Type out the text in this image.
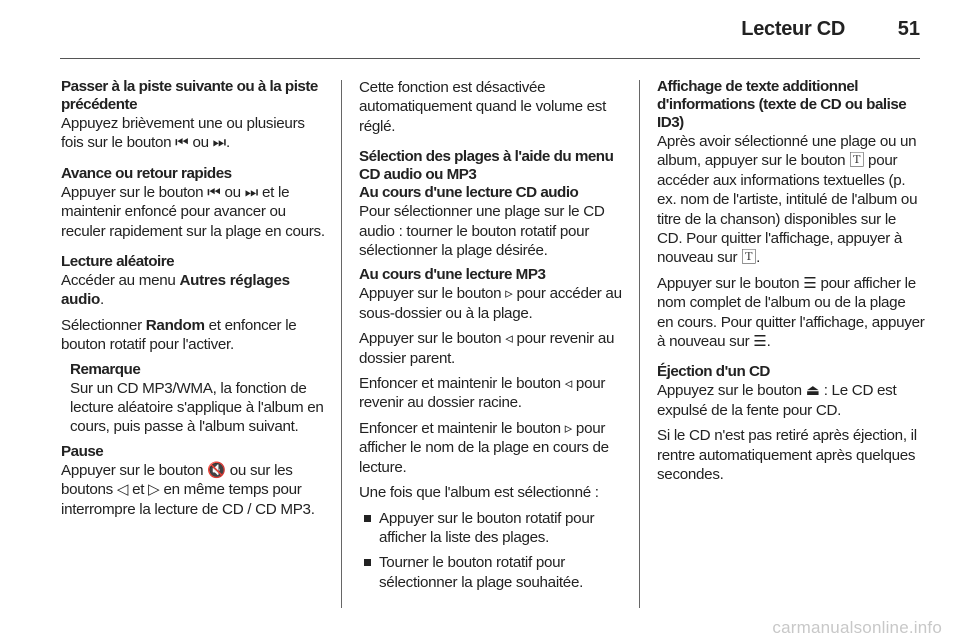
Lecteur CD	51
Passer à la piste suivante ou à la piste précédente

Appuyez brièvement une ou plusieurs fois sur le bouton ⏮ ou ⏭.

Avance ou retour rapides

Appuyer sur le bouton ⏮ ou ⏭ et le maintenir enfoncé pour avancer ou reculer rapidement sur la plage en cours.

Lecture aléatoire

Accéder au menu Autres réglages audio.

Sélectionner Random et enfoncer le bouton rotatif pour l'activer.

Remarque

Sur un CD MP3/WMA, la fonction de lecture aléatoire s'applique à l'album en cours, puis passe à l'album suivant.

Pause

Appuyer sur le bouton 🔇 ou sur les boutons ◁ et ▷ en même temps pour interrompre la lecture de CD / CD MP3.

Cette fonction est désactivée automatiquement quand le volume est réglé.

Sélection des plages à l'aide du menu CD audio ou MP3
Au cours d'une lecture CD audio

Pour sélectionner une plage sur le CD audio : tourner le bouton rotatif pour sélectionner la plage désirée.

Au cours d'une lecture MP3

Appuyer sur le bouton ▹ pour accéder au sous-dossier ou à la plage.

Appuyer sur le bouton ◃ pour revenir au dossier parent.

Enfoncer et maintenir le bouton ◃ pour revenir au dossier racine.

Enfoncer et maintenir le bouton ▹ pour afficher le nom de la plage en cours de lecture.

Une fois que l'album est sélectionné :

Appuyer sur le bouton rotatif pour afficher la liste des plages.
Tourner le bouton rotatif pour sélectionner la plage souhaitée.
Affichage de texte additionnel d'informations (texte de CD ou balise ID3)

Après avoir sélectionné une plage ou un album, appuyer sur le bouton 🅃 pour accéder aux informations textuelles (p. ex. nom de l'artiste, intitulé de l'album ou titre de la chanson) disponibles sur le CD. Pour quitter l'affichage, appuyer à nouveau sur 🅃.

Appuyer sur le bouton ☰ pour afficher le nom complet de l'album ou de la plage en cours. Pour quitter l'affichage, appuyer à nouveau sur ☰.

Éjection d'un CD

Appuyez sur le bouton ⏏ : Le CD est expulsé de la fente pour CD.

Si le CD n'est pas retiré après éjection, il rentre automatiquement après quelques secondes.

carmanualsonline.info
